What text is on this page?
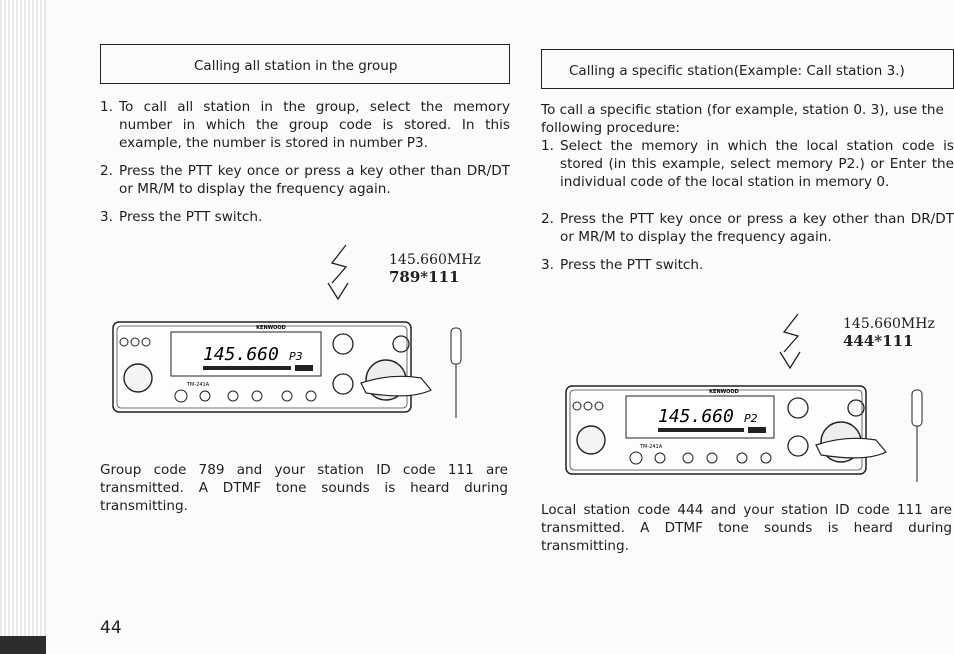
Calling all station in the group
1. To call all station in the group, select the memory number in which the group code is stored. In this example, the number is stored in number P3.
2. Press the PTT key once or press a key other than DR/DT or MR/M to display the frequency again.
3. Press the PTT switch.
145.660MHz
789*111
KENWOOD
145.660 P3
TM-241A
Group code 789 and your station ID code 111 are transmitted. A DTMF tone sounds is heard during transmitting.
Calling a specific station(Example: Call station 3.)

To call a specific station (for example, station 0. 3), use the following procedure:

1. Select the memory in which the local station code is stored (in this example, select memory P2.) or Enter the individual code of the local station in memory 0.
2. Press the PTT key once or press a key other than DR/DT or MR/M to display the frequency again.
3. Press the PTT switch.
145.660MHz
444*111
KENWOOD
145.660 P2
TM-241A
Local station code 444 and your station ID code 111 are transmitted. A DTMF tone sounds is heard during transmitting.
44
